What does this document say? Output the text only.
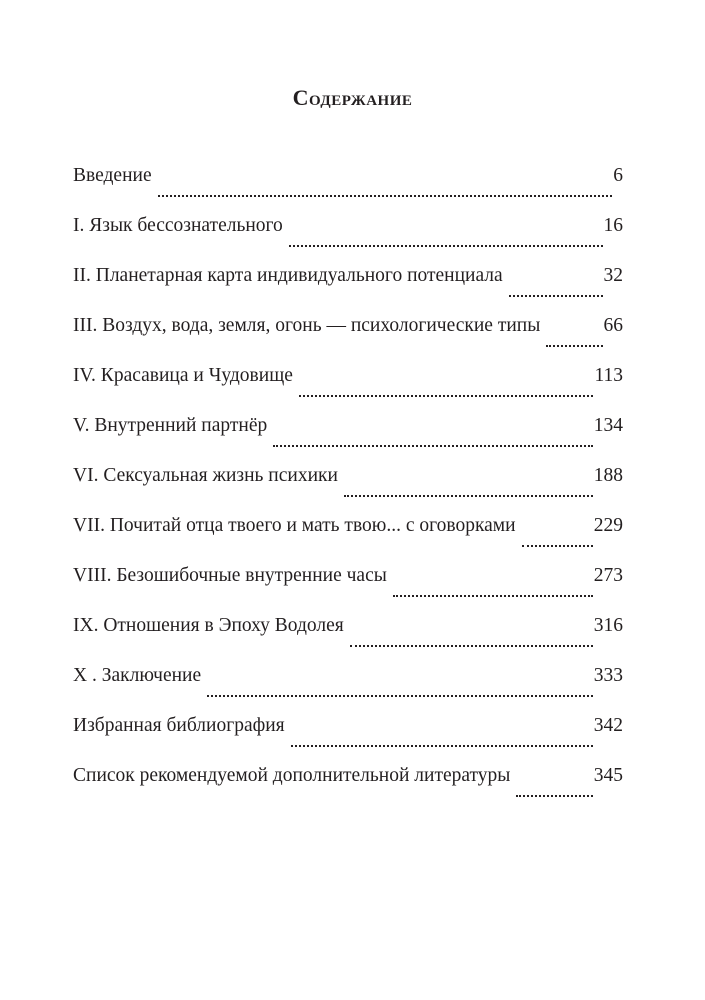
Содержание
Введение	6
I. Язык бессознательного	16
II. Планетарная карта индивидуального потенциала	32
III. Воздух, вода, земля, огонь — психологические типы	66
IV. Красавица и Чудовище	113
V. Внутренний партнёр	134
VI. Сексуальная жизнь психики	188
VII. Почитай отца твоего и мать твою... с оговорками	229
VIII. Безошибочные внутренние часы	273
IX. Отношения в Эпоху Водолея	316
X . Заключение	333
Избранная библиография	342
Список рекомендуемой дополнительной литературы	345
